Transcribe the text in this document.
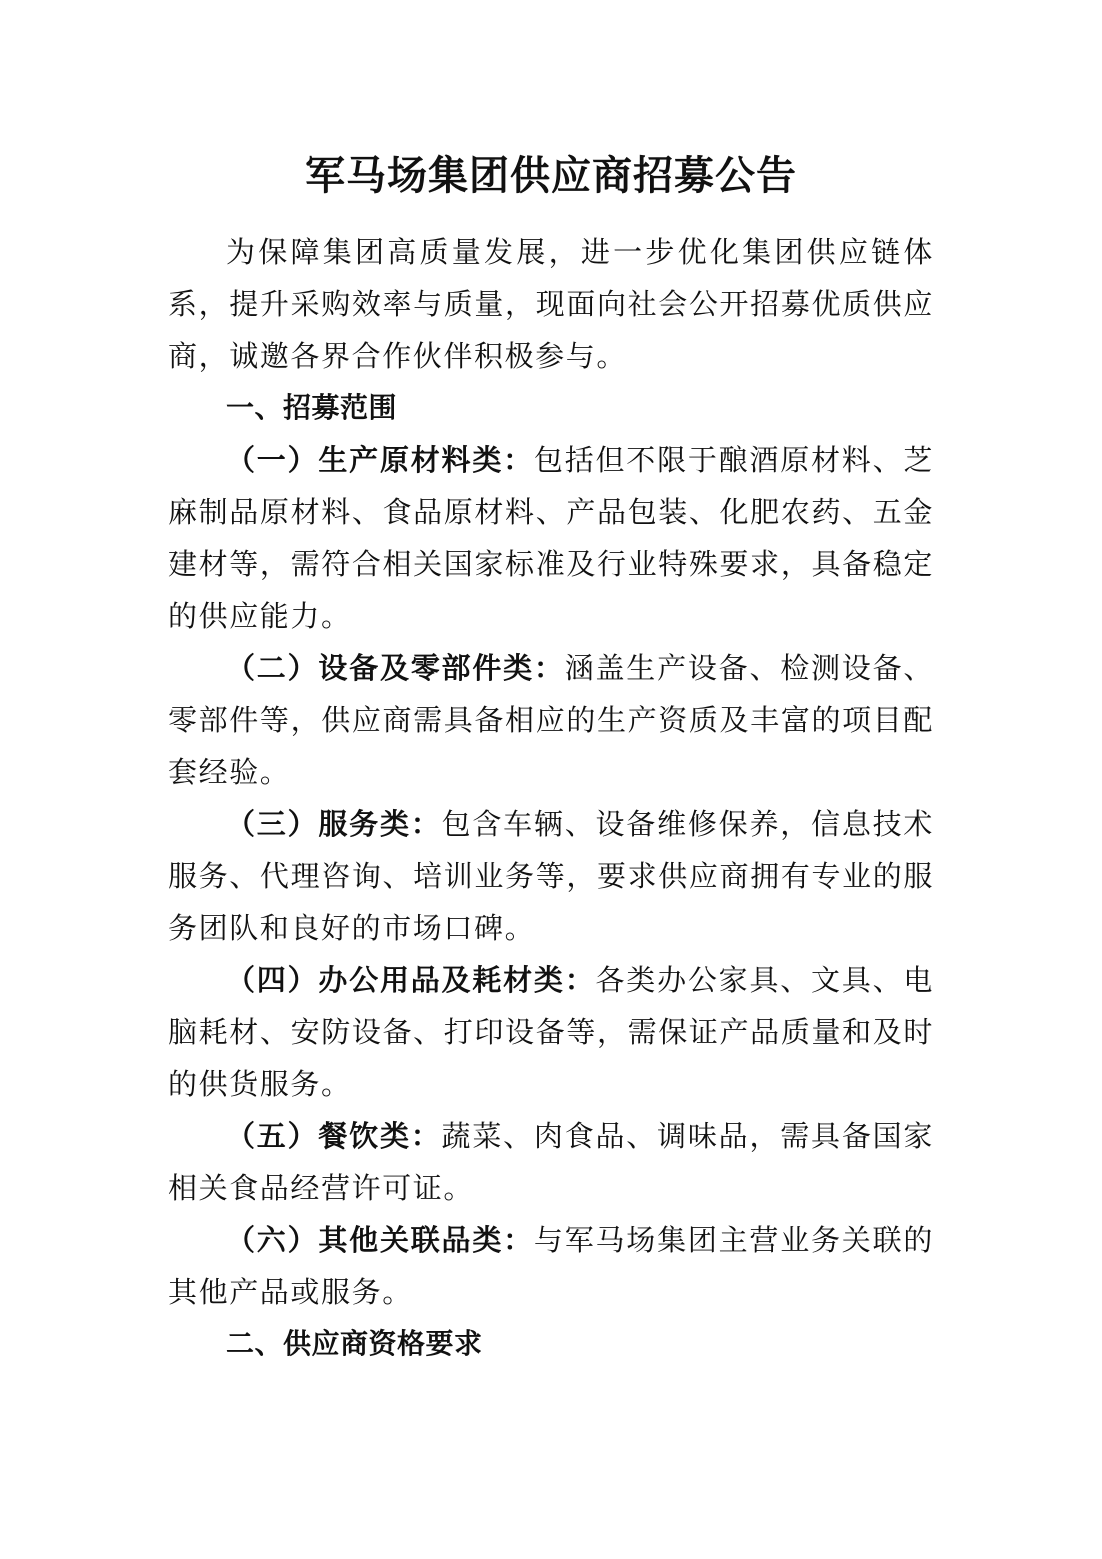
军马场集团供应商招募公告

为保障集团高质量发展，进一步优化集团供应链体系，提升采购效率与质量，现面向社会公开招募优质供应商，诚邀各界合作伙伴积极参与。

一、招募范围

（一）生产原材料类：包括但不限于酿酒原材料、芝麻制品原材料、食品原材料、产品包装、化肥农药、五金建材等，需符合相关国家标准及行业特殊要求，具备稳定的供应能力。

（二）设备及零部件类：涵盖生产设备、检测设备、零部件等，供应商需具备相应的生产资质及丰富的项目配套经验。

（三）服务类：包含车辆、设备维修保养，信息技术服务、代理咨询、培训业务等，要求供应商拥有专业的服务团队和良好的市场口碑。

（四）办公用品及耗材类：各类办公家具、文具、电脑耗材、安防设备、打印设备等，需保证产品质量和及时的供货服务。

（五）餐饮类：蔬菜、肉食品、调味品，需具备国家相关食品经营许可证。

（六）其他关联品类：与军马场集团主营业务关联的其他产品或服务。

二、供应商资格要求
